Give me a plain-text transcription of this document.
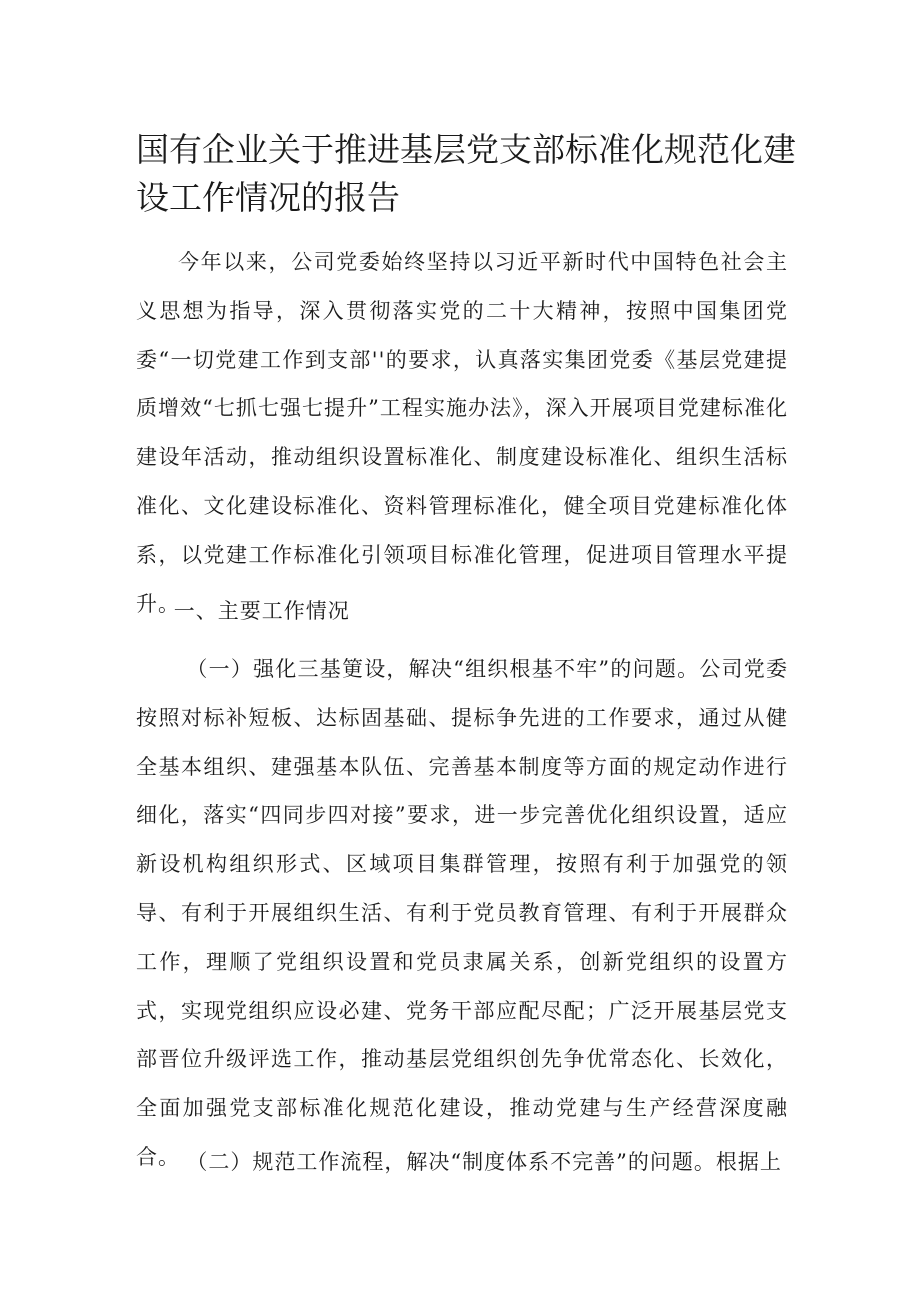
国有企业关于推进基层党支部标准化规范化建设工作情况的报告

今年以来，公司党委始终坚持以习近平新时代中国特色社会主义思想为指导，深入贯彻落实党的二十大精神，按照中国集团党委“一切党建工作到支部''的要求，认真落实集团党委《基层党建提质增效“七抓七强七提升”工程实施办法》，深入开展项目党建标准化建设年活动，推动组织设置标准化、制度建设标准化、组织生活标准化、文化建设标准化、资料管理标准化，健全项目党建标准化体系，以党建工作标准化引领项目标准化管理，促进项目管理水平提升。

一、主要工作情况

（一）强化三基筻设，解决“组织根基不牢”的问题。公司党委按照对标补短板、达标固基础、提标争先进的工作要求，通过从健全基本组织、建强基本队伍、完善基本制度等方面的规定动作进行细化，落实“四同步四对接”要求，进一步完善优化组织设置，适应新设机构组织形式、区域项目集群管理，按照有利于加强党的领导、有利于开展组织生活、有利于党员教育管理、有利于开展群众工作，理顺了党组织设置和党员隶属关系，创新党组织的设置方式，实现党组织应设必建、党务干部应配尽配；广泛开展基层党支部晋位升级评选工作，推动基层党组织创先争优常态化、长效化，全面加强党支部标准化规范化建设，推动党建与生产经营深度融合。 （二）规范工作流程，解决“制度体系不完善”的问题。根据上
